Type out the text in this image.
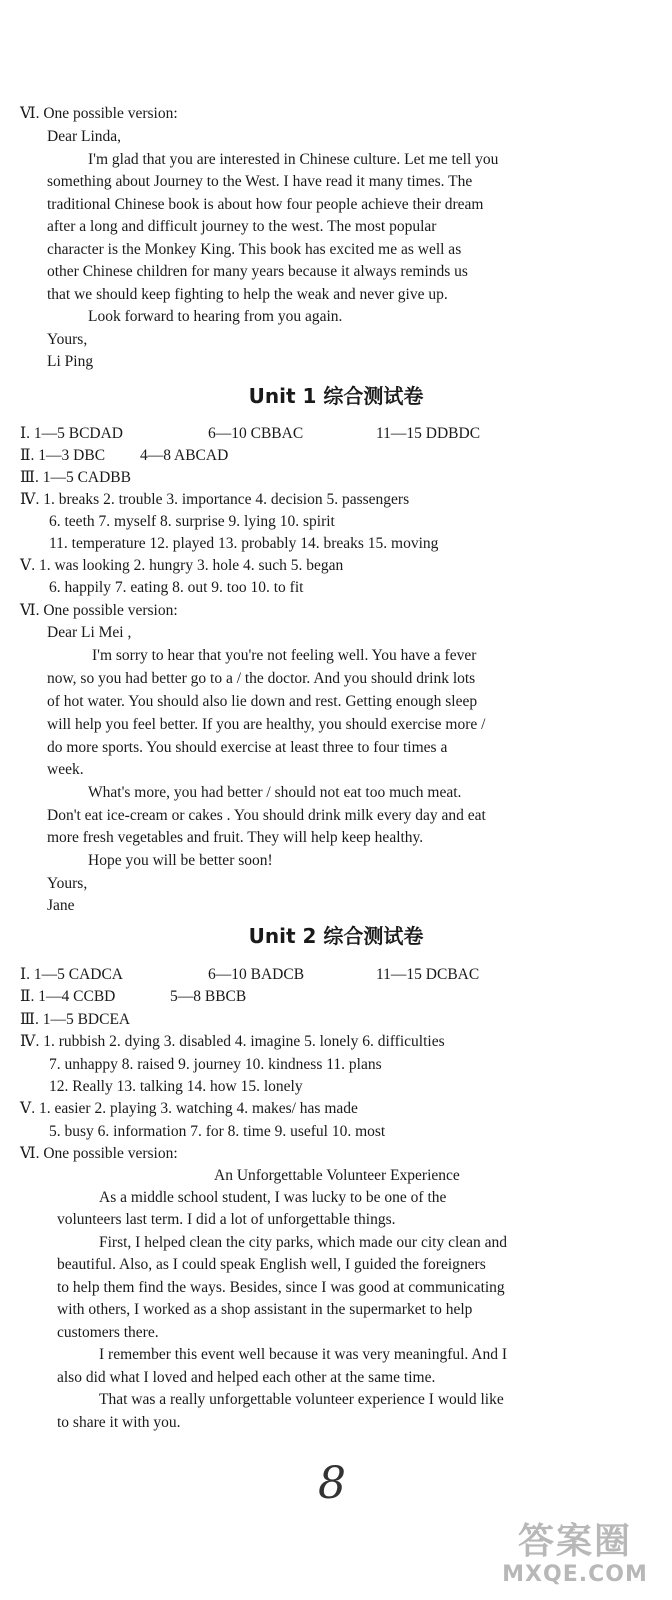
Ⅵ. One possible version:
Dear Linda,
I'm glad that you are interested in Chinese culture. Let me tell you
something about Journey to the West. I have read it many times. The
traditional Chinese book is about how four people achieve their dream
after a long and difficult journey to the west. The most popular
character is the Monkey King. This book has excited me as well as
other Chinese children for many years because it always reminds us
that we should keep fighting to help the weak and never give up.
Look forward to hearing from you again.
Yours,
Li Ping
Unit 1 综合测试卷
Ⅰ. 1—5 BCDAD	6—10 CBBAC	11—15 DDBDC
Ⅱ. 1—3 DBC 4—8 ABCAD
Ⅲ. 1—5 CADBB
Ⅳ. 1. breaks 2. trouble 3. importance 4. decision 5. passengers
6. teeth 7. myself 8. surprise 9. lying 10. spirit
11. temperature 12. played 13. probably 14. breaks 15. moving
Ⅴ. 1. was looking 2. hungry 3. hole 4. such 5. began
6. happily 7. eating 8. out 9. too 10. to fit
Ⅵ. One possible version:
Dear Li Mei ,
I'm sorry to hear that you're not feeling well. You have a fever
now, so you had better go to a / the doctor. And you should drink lots
of hot water. You should also lie down and rest. Getting enough sleep
will help you feel better. If you are healthy, you should exercise more /
do more sports. You should exercise at least three to four times a
week.
What's more, you had better / should not eat too much meat.
Don't eat ice-cream or cakes . You should drink milk every day and eat
more fresh vegetables and fruit. They will help keep healthy.
Hope you will be better soon!
Yours,
Jane
Unit 2 综合测试卷
Ⅰ. 1—5 CADCA	6—10 BADCB	11—15 DCBAC
Ⅱ. 1—4 CCBD	5—8 BBCB
Ⅲ. 1—5 BDCEA
Ⅳ. 1. rubbish 2. dying 3. disabled 4. imagine 5. lonely 6. difficulties
7. unhappy 8. raised 9. journey 10. kindness 11. plans
12. Really 13. talking 14. how 15. lonely
Ⅴ. 1. easier 2. playing 3. watching 4. makes/ has made
5. busy 6. information 7. for 8. time 9. useful 10. most
Ⅵ. One possible version:
An Unforgettable Volunteer Experience
As a middle school student, I was lucky to be one of the
volunteers last term. I did a lot of unforgettable things.
First, I helped clean the city parks, which made our city clean and
beautiful. Also, as I could speak English well, I guided the foreigners
to help them find the ways. Besides, since I was good at communicating
with others, I worked as a shop assistant in the supermarket to help
customers there.
I remember this event well because it was very meaningful. And I
also did what I loved and helped each other at the same time.
That was a really unforgettable volunteer experience I would like
to share it with you.
8
答案圈
MXQE.COM
